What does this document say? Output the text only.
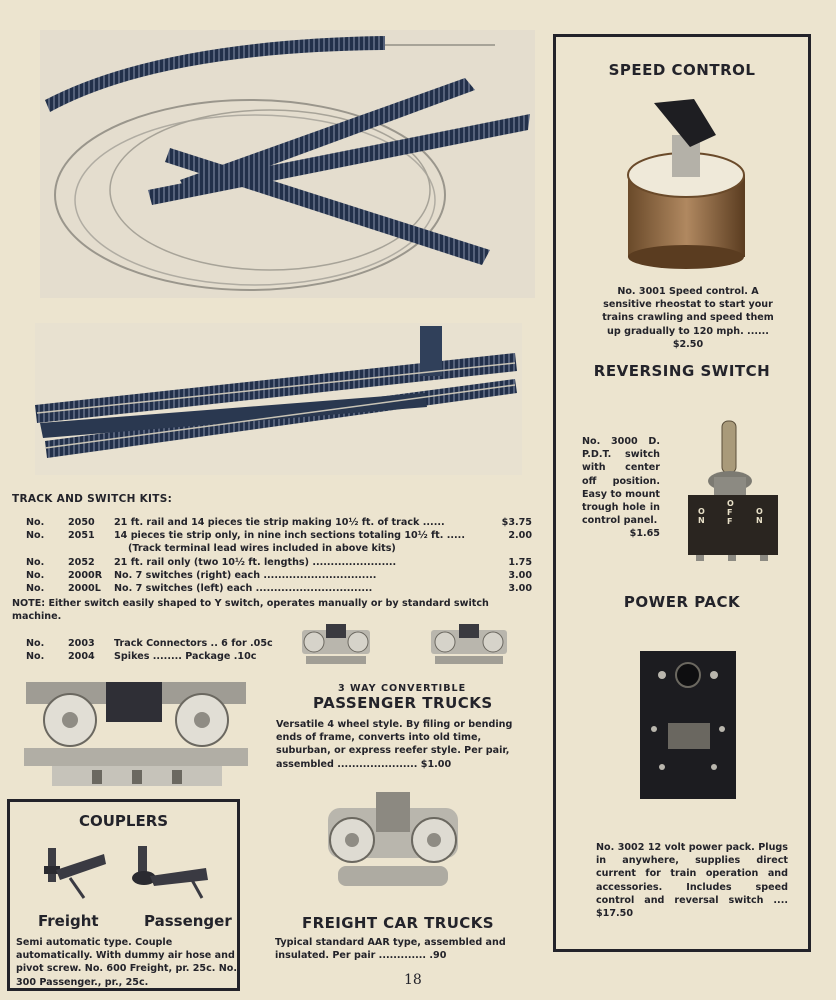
TRACK AND SWITCH KITS:
No.	2050	21 ft. rail and 14 pieces tie strip making 10½ ft. of track ......	$3.75
No.	2051	14 pieces tie strip only, in nine inch sections totaling 10½ ft. .....	2.00
(Track terminal lead wires included in above kits)
No.	2052	21 ft. rail only (two 10½ ft. lengths) .......................	1.75
No.	2000R	No. 7 switches (right) each ...............................	3.00
No.	2000L	No. 7 switches (left) each ................................	3.00
NOTE: Either switch easily shaped to Y switch, operates manually or by standard switch machine.
No.	2003	Track Connectors .. 6 for .05c
No.	2004	Spikes ........ Package .10c
3 WAY CONVERTIBLE
PASSENGER TRUCKS
Versatile 4 wheel style. By filing or bending ends of frame, converts into old time, suburban, or express reefer style. Per pair, assembled ...................... $1.00
FREIGHT CAR TRUCKS
Typical standard AAR type, assembled and insulated. Per pair ............. .90
COUPLERS
Freight	Passenger
Semi automatic type. Couple automatically. With dummy air hose and pivot screw. No. 600 Freight, pr. 25c. No. 300 Passenger., pr., 25c.	18
SPEED CONTROL
No. 3001 Speed control. A sensitive rheostat to start your trains crawling and speed them up gradually to 120 mph. ...... $2.50
REVERSING SWITCH
No. 3000 D. P.D.T. switch with center off position. Easy to mount trough hole in control panel.
$1.65
ON
OFF
ON
POWER PACK
No. 3002 12 volt power pack. Plugs in anywhere, supplies direct current for train operation and accessories. Includes speed control and reversal switch .... $17.50
